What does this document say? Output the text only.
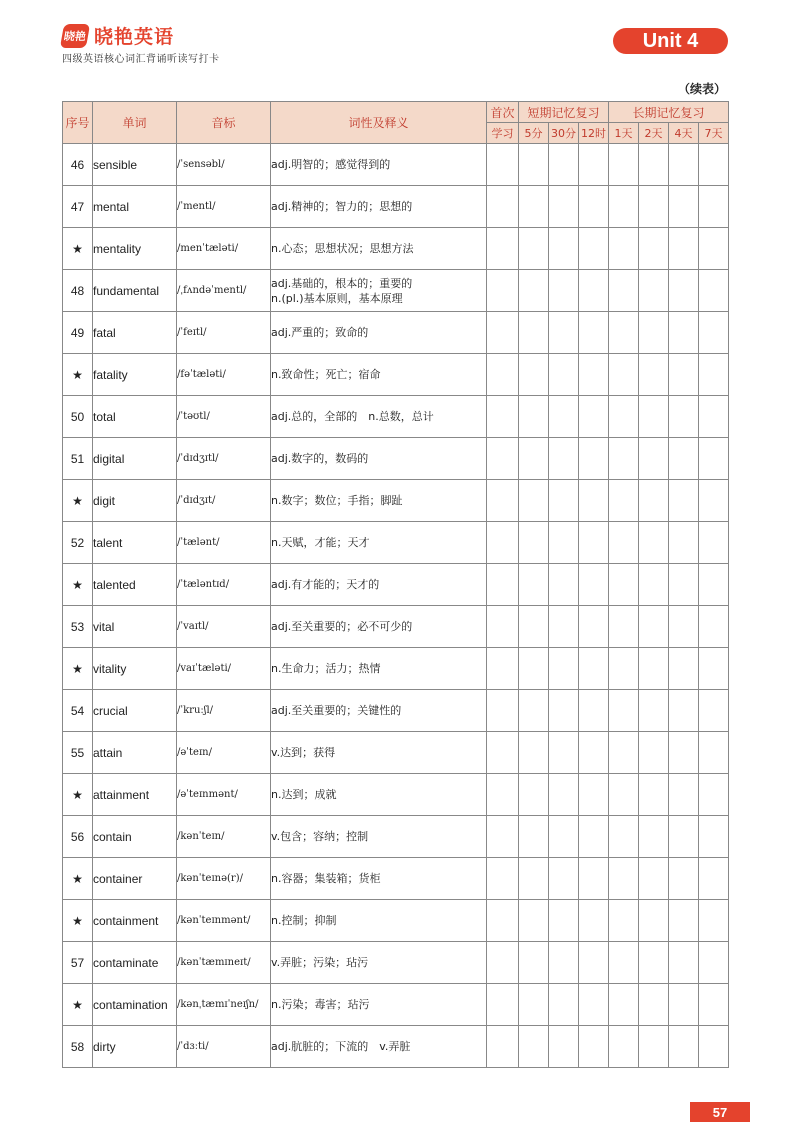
晓艳 晓艳英语
四级英语核心词汇背诵听读写打卡
Unit 4
（续表）
序号	单词	音标	词性及释义	首次	短期记忆复习			长期记忆复习			
				学习	5分	30分	12时	1天	2天	4天	7天
46	sensible	/ˈsensəbl/	adj.明智的；感觉得到的								

47	mental	/ˈmentl/	adj.精神的；智力的；思想的								

★	mentality	/menˈtæləti/	n.心态；思想状况；思想方法								

48	fundamental	/ˌfʌndəˈmentl/	adj.基础的，根本的；重要的
n.(pl.)基本原则，基本原理								

49	fatal	/ˈfeɪtl/	adj.严重的；致命的								

★	fatality	/fəˈtæləti/	n.致命性；死亡；宿命								

50	total	/ˈtəʊtl/	adj.总的，全部的　n.总数，总计								

51	digital	/ˈdɪdʒɪtl/	adj.数字的，数码的								

★	digit	/ˈdɪdʒɪt/	n.数字；数位；手指；脚趾								

52	talent	/ˈtælənt/	n.天赋，才能；天才								

★	talented	/ˈtæləntɪd/	adj.有才能的；天才的								

53	vital	/ˈvaɪtl/	adj.至关重要的；必不可少的								

★	vitality	/vaɪˈtæləti/	n.生命力；活力；热情								

54	crucial	/ˈkruːʃl/	adj.至关重要的；关键性的								

55	attain	/əˈteɪn/	v.达到；获得								

★	attainment	/əˈteɪnmənt/	n.达到；成就								

56	contain	/kənˈteɪn/	v.包含；容纳；控制								

★	container	/kənˈteɪnə(r)/	n.容器；集装箱；货柜								

★	containment	/kənˈteɪnmənt/	n.控制；抑制								

57	contaminate	/kənˈtæmɪneɪt/	v.弄脏；污染；玷污								

★	contamination	/kənˌtæmɪˈneɪʃn/	n.污染；毒害；玷污								

58	dirty	/ˈdɜːti/	adj.肮脏的；下流的　v.弄脏								

57
